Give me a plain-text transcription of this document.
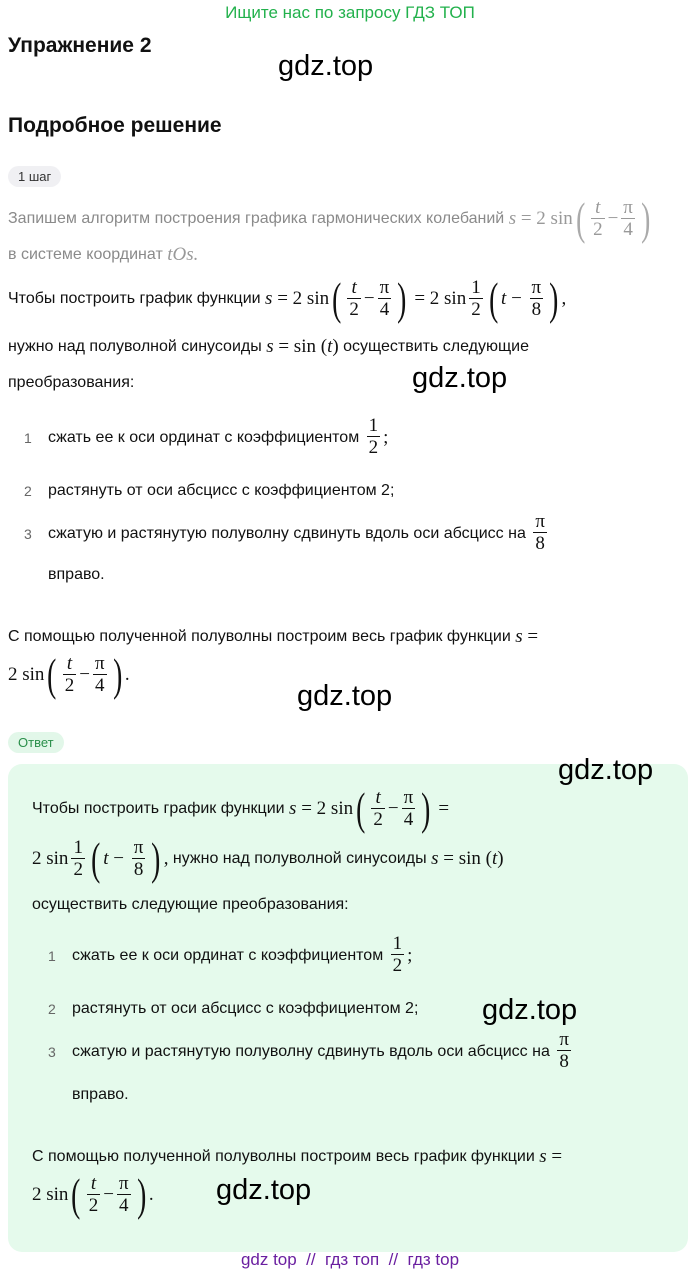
Ищите нас по запросу ГДЗ ТОП
Упражнение 2
gdz.top
Подробное решение
1 шаг
Запишем алгоритм построения графика гармонических колебаний
s = 2 sin ( $\frac{t}{2} - \frac{\pi}{4}$ )
в системе координат
tOs.
Чтобы построить график функции
s = 2 sin ( $\frac{t}{2} - \frac{\pi}{4}$ ) = 2 $\sin \frac{1}{2}$ ( $t - \frac{\pi}{8}$ ) ,
нужно над полуволной синусоиды
s = sin ( t )
осуществить следующие
преобразования:	gdz.top
1	сжать ее к оси ординат с коэффициентом
$\frac{1}{2}$ ;
2	растянуть от оси абсцисс с коэффициентом 2;
3	сжатую и растянутую полуволну сдвинуть вдоль оси абсцисс на
$\frac{\pi}{8}$
вправо.
С помощью полученной полуволны построим весь график функции
s =
2 sin ( $\frac{t}{2} - \frac{\pi}{4}$ ) .
gdz.top
Ответ
gdz.top
Чтобы построить график функции
s = 2 sin ( $\frac{t}{2} - \frac{\pi}{4}$ ) =
2 $\sin \frac{1}{2}$ ( $t - \frac{\pi}{8}$ ) ,
нужно над полуволной синусоиды
s = sin ( t )
осуществить следующие преобразования:
1	сжать ее к оси ординат с коэффициентом
$\frac{1}{2}$ ;
2	растянуть от оси абсцисс с коэффициентом 2; gdz.top
3	сжатую и растянутую полуволну сдвинуть вдоль оси абсцисс на
$\frac{\pi}{8}$
вправо.
С помощью полученной полуволны построим весь график функции
s =
2 sin ( $\frac{t}{2} - \frac{\pi}{4}$ ) . gdz.top
gdz top  //  гдз топ  //  гдз top
